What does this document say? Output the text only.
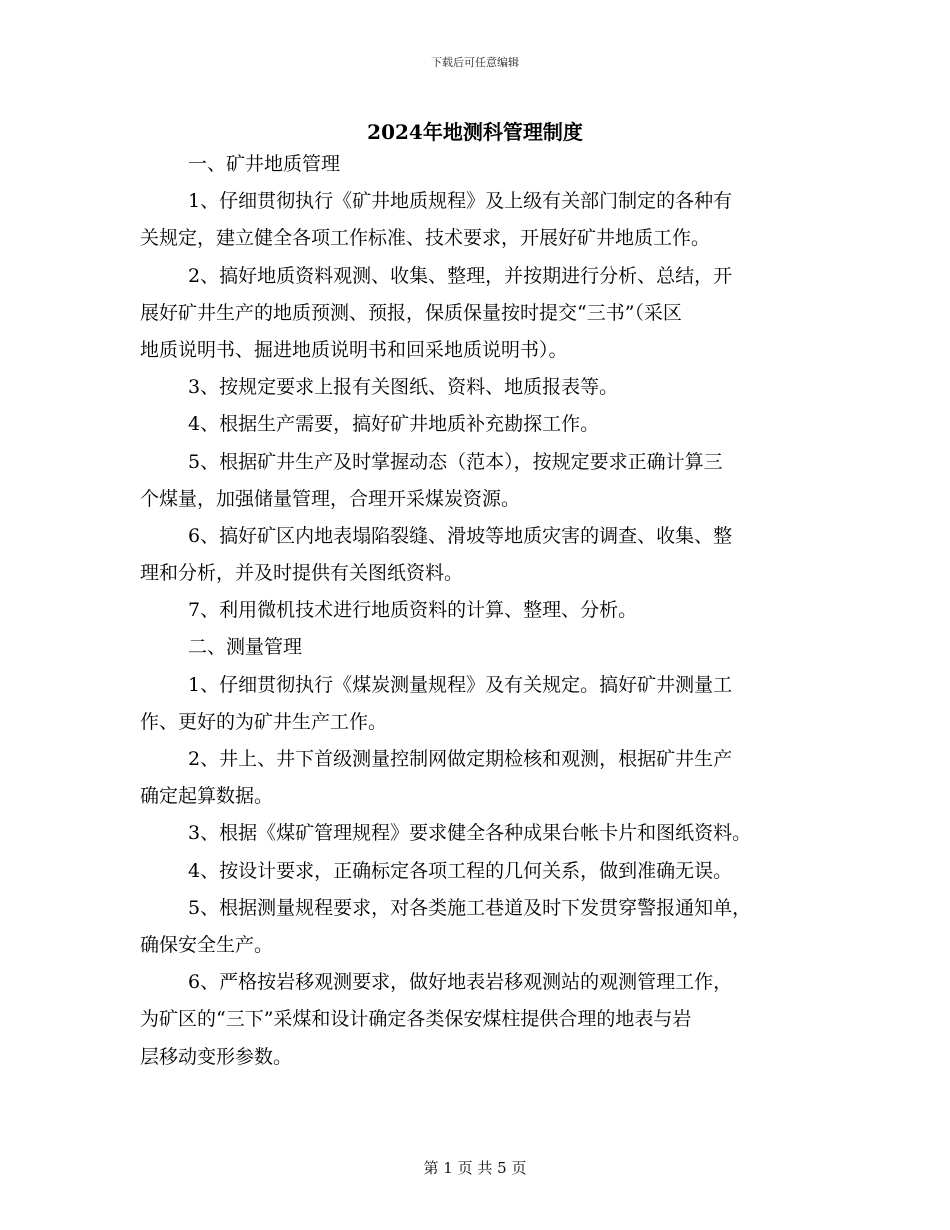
下载后可任意编辑
2024年地测科管理制度
一、矿井地质管理
1、仔细贯彻执行《矿井地质规程》及上级有关部门制定的各种有
关规定，建立健全各项工作标准、技术要求，开展好矿井地质工作。
2、搞好地质资料观测、收集、整理，并按期进行分析、总结，开
展好矿井生产的地质预测、预报，保质保量按时提交“三书”（采区
地质说明书、掘进地质说明书和回采地质说明书）。
3、按规定要求上报有关图纸、资料、地质报表等。
4、根据生产需要，搞好矿井地质补充勘探工作。
5、根据矿井生产及时掌握动态（范本），按规定要求正确计算三
个煤量，加强储量管理，合理开采煤炭资源。
6、搞好矿区内地表塌陷裂缝、滑坡等地质灾害的调查、收集、整
理和分析，并及时提供有关图纸资料。
7、利用微机技术进行地质资料的计算、整理、分析。
二、测量管理
1、仔细贯彻执行《煤炭测量规程》及有关规定。搞好矿井测量工
作、更好的为矿井生产工作。
2、井上、井下首级测量控制网做定期检核和观测，根据矿井生产
确定起算数据。
3、根据《煤矿管理规程》要求健全各种成果台帐卡片和图纸资料。
4、按设计要求，正确标定各项工程的几何关系，做到准确无误。
5、根据测量规程要求，对各类施工巷道及时下发贯穿警报通知单，
确保安全生产。
6、严格按岩移观测要求，做好地表岩移观测站的观测管理工作，
为矿区的“三下”采煤和设计确定各类保安煤柱提供合理的地表与岩
层移动变形参数。
第 1 页 共 5 页
